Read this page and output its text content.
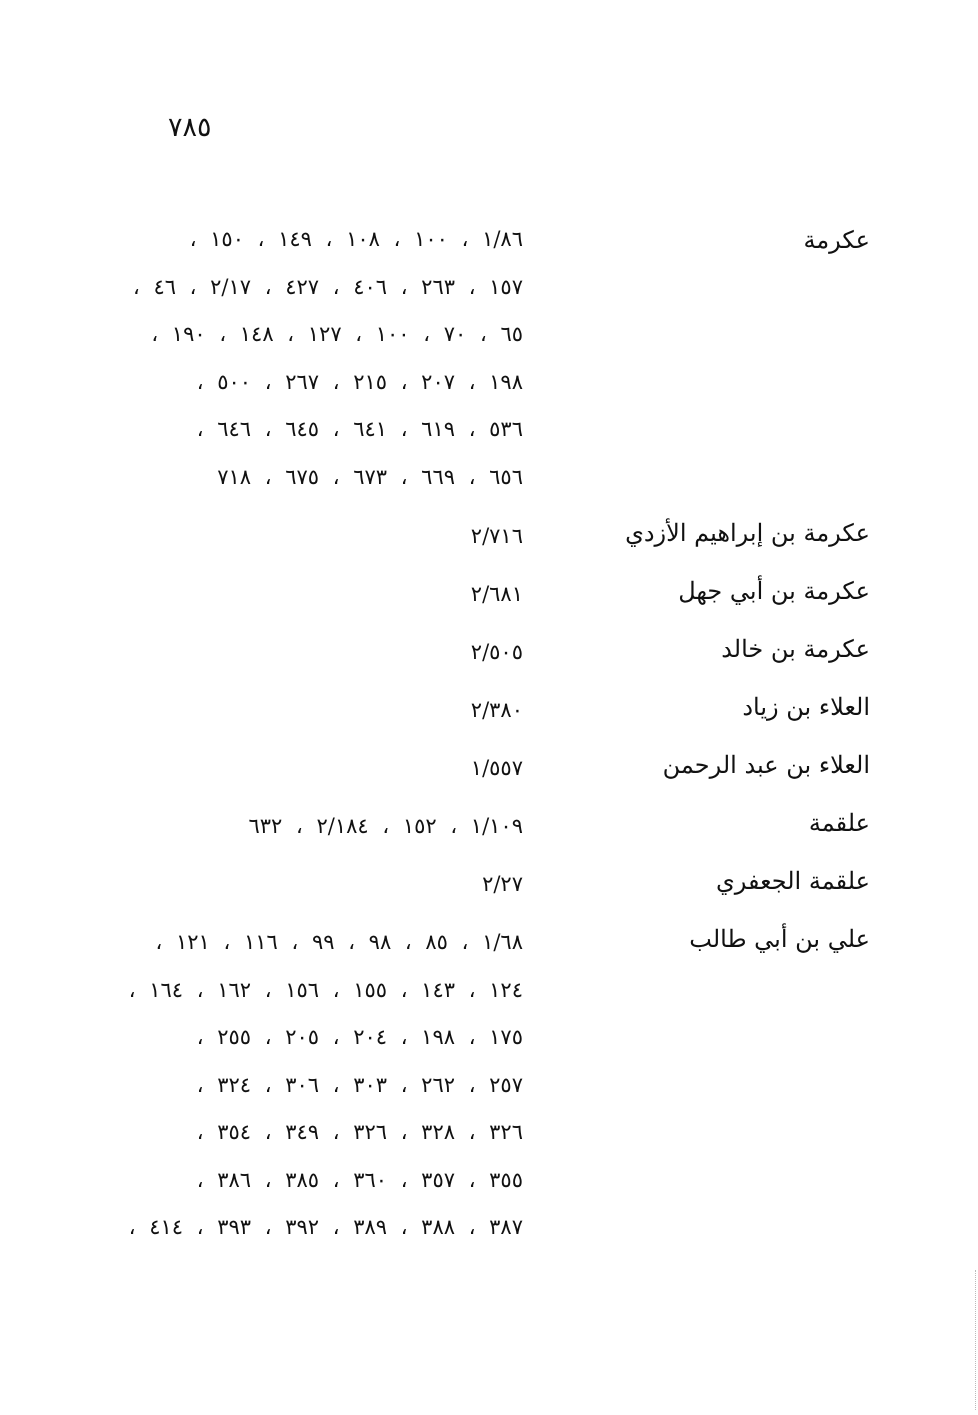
٧٨٥
عكرمة
١/٨٦ ، ١٠٠ ، ١٠٨ ، ١٤٩ ، ١٥٠ ،
١٥٧ ، ٢٦٣ ، ٤٠٦ ، ٤٢٧ ، ٢/١٧ ، ٤٦ ،
٦٥ ، ٧٠ ، ١٠٠ ، ١٢٧ ، ١٤٨ ، ١٩٠ ،
١٩٨ ، ٢٠٧ ، ٢١٥ ، ٢٦٧ ، ٥٠٠ ،
٥٣٦ ، ٦١٩ ، ٦٤١ ، ٦٤٥ ، ٦٤٦ ،
٦٥٦ ، ٦٦٩ ، ٦٧٣ ، ٦٧٥ ، ٧١٨
عكرمة بن إبراهيم الأزدي
٢/٧١٦
عكرمة بن أبي جهل
٢/٦٨١
عكرمة بن خالد
٢/٥٠٥
العلاء بن زياد
٢/٣٨٠
العلاء بن عبد الرحمن
١/٥٥٧
علقمة
١/١٠٩ ، ١٥٢ ، ٢/١٨٤ ، ٦٣٢
علقمة الجعفري
٢/٢٧
علي بن أبي طالب
١/٦٨ ، ٨٥ ، ٩٨ ، ٩٩ ، ١١٦ ، ١٢١ ،
١٢٤ ، ١٤٣ ، ١٥٥ ، ١٥٦ ، ١٦٢ ، ١٦٤ ،
١٧٥ ، ١٩٨ ، ٢٠٤ ، ٢٠٥ ، ٢٥٥ ،
٢٥٧ ، ٢٦٢ ، ٣٠٣ ، ٣٠٦ ، ٣٢٤ ،
٣٢٦ ، ٣٢٨ ، ٣٢٦ ، ٣٤٩ ، ٣٥٤ ،
٣٥٥ ، ٣٥٧ ، ٣٦٠ ، ٣٨٥ ، ٣٨٦ ،
٣٨٧ ، ٣٨٨ ، ٣٨٩ ، ٣٩٢ ، ٣٩٣ ، ٤١٤ ،
